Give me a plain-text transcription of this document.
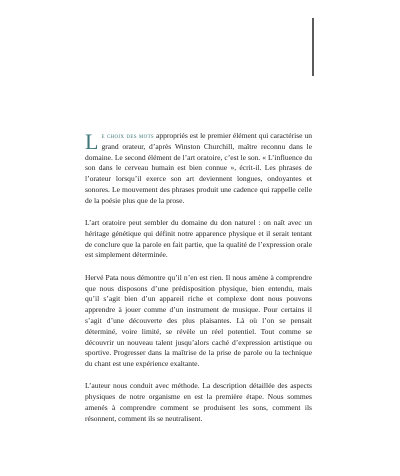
Le choix des mots appropriés est le premier élément qui caractérise un grand orateur, d’après Winston Churchill, maître reconnu dans le domaine. Le second élément de l’art oratoire, c’est le son. « L’influence du son dans le cerveau humain est bien connue », écrit-il. Les phrases de l’orateur lorsqu’il exerce son art deviennent longues, ondoyantes et sonores. Le mouvement des phrases produit une cadence qui rappelle celle de la poésie plus que de la prose.

L’art oratoire peut sembler du domaine du don naturel : on naît avec un héritage génétique qui définit notre apparence physique et il serait tentant de conclure que la parole en fait partie, que la qualité de l’expression orale est simplement déterminée.

Hervé Pata nous démontre qu’il n’en est rien. Il nous amène à comprendre que nous disposons d’une prédisposition physique, bien entendu, mais qu’il s’agit bien d’un appareil riche et complexe dont nous pouvons apprendre à jouer comme d’un instrument de musique. Pour certains il s’agit d’une découverte des plus plaisantes. Là où l’on se pensait déterminé, voire limité, se révèle un réel potentiel. Tout comme se découvrir un nouveau talent jusqu’alors caché d’expression artistique ou sportive. Progresser dans la maîtrise de la prise de parole ou la technique du chant est une expérience exaltante.

L’auteur nous conduit avec méthode. La description détaillée des aspects physiques de notre organisme en est la première étape. Nous sommes amenés à comprendre comment se produisent les sons, comment ils résonnent, comment ils se neutralisent.
